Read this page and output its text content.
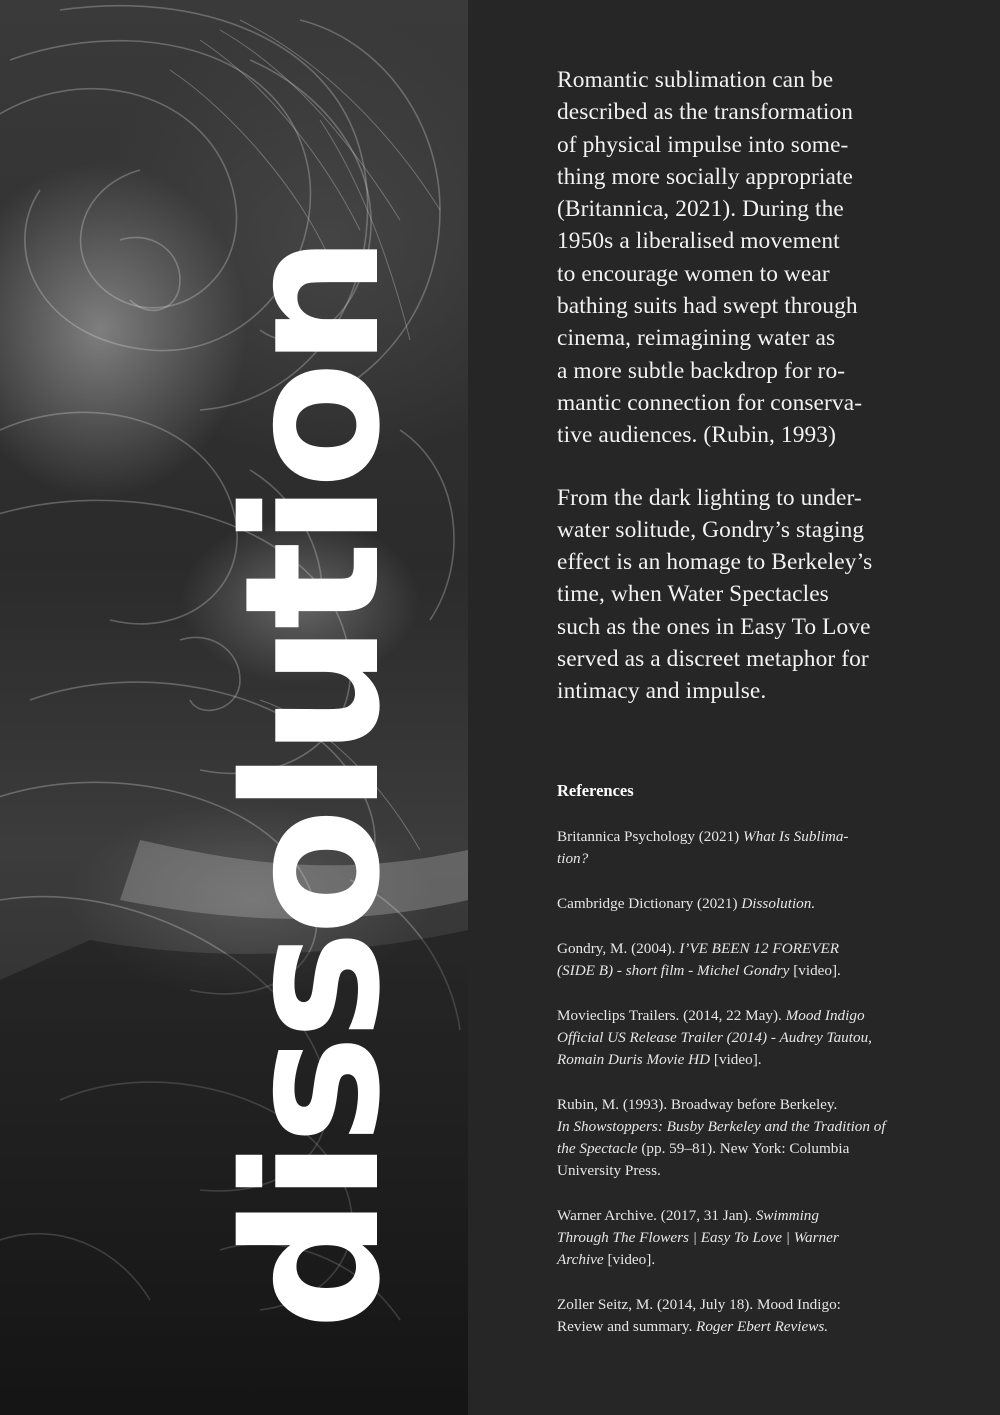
dissolution

Romantic sublimation can be
described as the transformation
of physical impulse into some-
thing more socially appropriate
(Britannica, 2021). During the
1950s a liberalised movement
to encourage women to wear
bathing suits had swept through
cinema, reimagining water as
a more subtle backdrop for ro-
mantic connection for conserva-
tive audiences. (Rubin, 1993)

From the dark lighting to under-
water solitude, Gondry’s staging
effect is an homage to Berkeley’s
time, when Water Spectacles
such as the ones in Easy To Love
served as a discreet metaphor for
intimacy and impulse.

References
Britannica Psychology (2021) What Is Sublima-
tion?
Cambridge Dictionary (2021) Dissolution.
Gondry, M. (2004). I’VE BEEN 12 FOREVER
(SIDE B) - short film - Michel Gondry [video].
Movieclips Trailers. (2014, 22 May). Mood Indigo
Official US Release Trailer (2014) - Audrey Tautou,
Romain Duris Movie HD [video].
Rubin, M. (1993). Broadway before Berkeley.
In Showstoppers: Busby Berkeley and the Tradition of
the Spectacle (pp. 59–81). New York: Columbia
University Press.
Warner Archive. (2017, 31 Jan). Swimming
Through The Flowers | Easy To Love | Warner
Archive [video].
Zoller Seitz, M. (2014, July 18). Mood Indigo:
Review and summary. Roger Ebert Reviews.
